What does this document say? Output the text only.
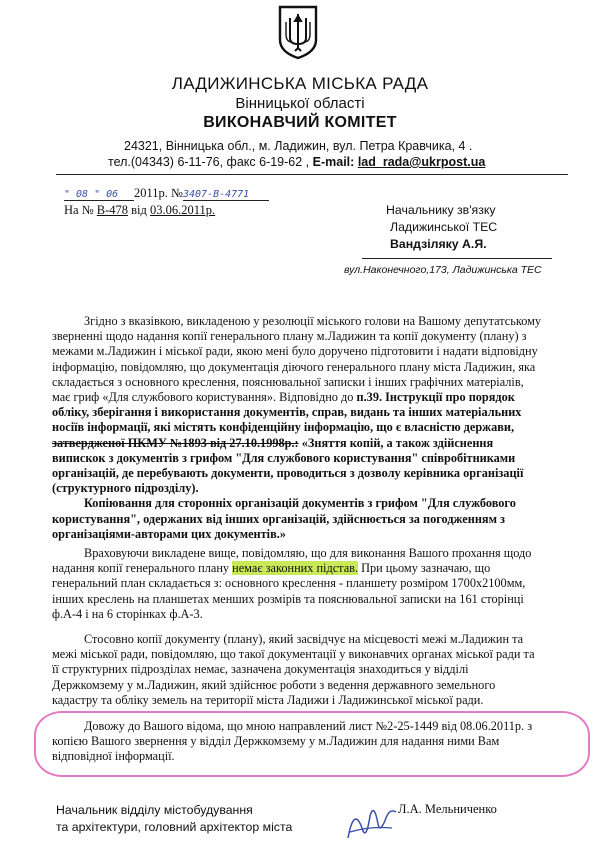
ЛАДИЖИНСЬКА МІСЬКА РАДА
Вінницької області
ВИКОНАВЧИЙ КОМІТЕТ
24321, Вінницька обл., м. Ладижин, вул. Петра Кравчика, 4 .
тел.(04343) 6-11-76, факс 6-19-62 , E-mail: lad_rada@ukrpost.ua
" 08 " 06 2011р. №3407-В-4771
На № В-478 від 03.06.2011р.	Начальнику зв'язку
Ладижинської ТЕС
Вандзіляку А.Я.
вул.Наконечного,173, Ладижинська ТЕС
Згідно з вказівкою, викладеною у резолюції міського голови на Вашому депутатському
зверненні щодо надання копії генерального плану м.Ладижин та копії документу (плану) з
межами м.Ладижин і міської ради, якою мені було доручено підготовити і надати відповідну
інформацію, повідомляю, що документація діючого генерального плану міста Ладижин, яка
складається з основного креслення, пояснювальної записки і інших графічних матеріалів,
має гриф «Для службового користування». Відповідно до п.39. Інструкції про порядок
обліку, зберігання і використання документів, справ, видань та інших матеріальних
носіїв інформації, які містять конфіденційну інформацію, що є власністю держави,
затвердженої ПКМУ №1893 від 27.10.1998р.: «Зняття копій, а також здійснення
випискок з документів з грифом "Для службового користування" співробітниками
організацій, де перебувають документи, проводиться з дозволу керівника організації
(структурного підрозділу).
Копіювання для сторонніх організацій документів з грифом "Для службового
користування", одержаних від інших організацій, здійснюється за погодженням з
організаціями-авторами цих документів.»
Враховуючи викладене вище, повідомляю, що для виконання Вашого прохання щодо
надання копії генерального плану немає законних підстав. При цьому зазначаю, що
генеральний план складається з: основного креслення - планшету розміром 1700х2100мм,
інших креслень на планшетах менших розмірів та пояснювальної записки на 161 сторінці
ф.А-4 і на 6 сторінках ф.А-3.
Стосовно копії документу (плану), який засвідчує на місцевості межі м.Ладижин та
межі міської ради, повідомляю, що такої документації у виконавчих органах міської ради та
її структурних підрозділах немає, зазначена документація знаходиться у відділі
Держкомзему у м.Ладижин, який здійснює роботи з ведення державного земельного
кадастру та обліку земель на території міста Ладижи і Ладижинської міської ради.
Довожу до Вашого відома, що мною направлений лист №2-25-1449 від 08.06.2011р. з
копією Вашого звернення у відділ Держкомзему у м.Ладижин для надання ними Вам
відповідної інформації.
Начальник відділу містобудування
та архітектури, головний архітектор міста
Л.А. Мельниченко
